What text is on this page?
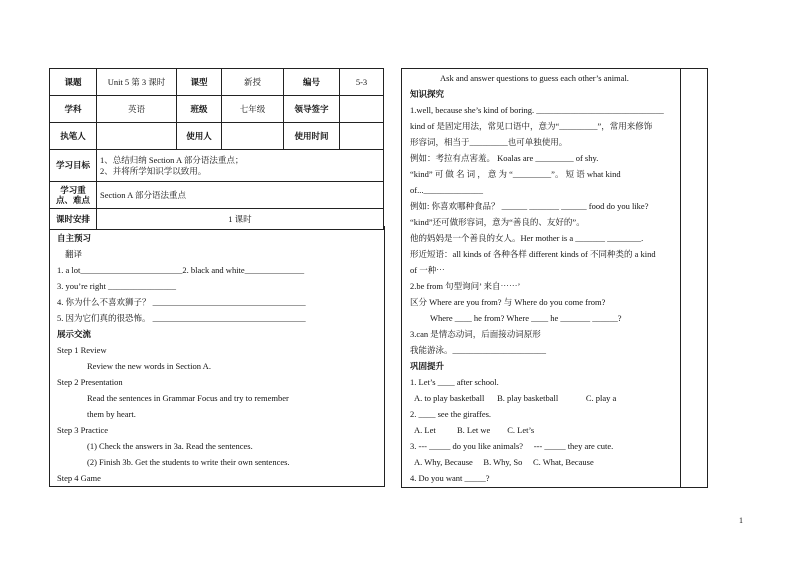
课题	Unit 5 第 3 课时	课型	新授	编号	5-3
学科	英语	班级	七年级	领导签字	
执笔人		使用人		使用时间	
学习目标	1、总结归纳 Section A 部分语法重点；
2、并将所学知识学以致用。				

学习重点、难点	Section A 部分语法重点				
课时安排	1 课时				
自主预习
翻译
1. a lot________________________2. black and white______________
3. you’re right ________________
4. 你为什么不喜欢狮子？ ____________________________________
5. 因为它们真的很恐怖。 ____________________________________
展示交流
Step 1 Review
Review the new words in Section A.
Step 2 Presentation
Read the sentences in Grammar Focus and try to remember
them by heart.
Step 3 Practice
(1) Check the answers in 3a. Read the sentences.
(2) Finish 3b. Get the students to write their own sentences.
Step 4 Game
Ask and answer questions to guess each other’s animal.
知识探究
1.well, because she’s kind of boring. ______________________________
kind of 是固定用法，常见口语中，意为“_________”，常用来修饰
形容词，相当于_________也可单独使用。
例如：考拉有点害羞。 Koalas are _________ of shy.
“kind” 可 做 名 词 ， 意 为 “_________”。 短 语 what kind
of...______________
例如: 你喜欢哪种食品？ ______ _______ ______ food do you like?
“kind”还可做形容词，意为“善良的、友好的”。
他的妈妈是一个善良的女人。Her mother is a _______ ________.
形近短语：all kinds of 各种各样 different kinds of 不同种类的 a kind
of 一种⋯
2.be from 句型询问’ 来自⋯⋯’
区分 Where are you from? 与 Where do you come from?
Where ____ he from? Where ____ he _______ ______?
3.can 是情态动词，后面接动词原形
我能游泳。______________________
巩固提升
1. Let’s ____ after school.
A. to play basketball      B. play basketball             C. play a
2. ____ see the giraffes.
A. Let          B. Let we        C. Let’s
3. --- _____ do you like animals?     --- _____ they are cute.
A. Why, Because     B. Why, So     C. What, Because
4. Do you want _____?
1
